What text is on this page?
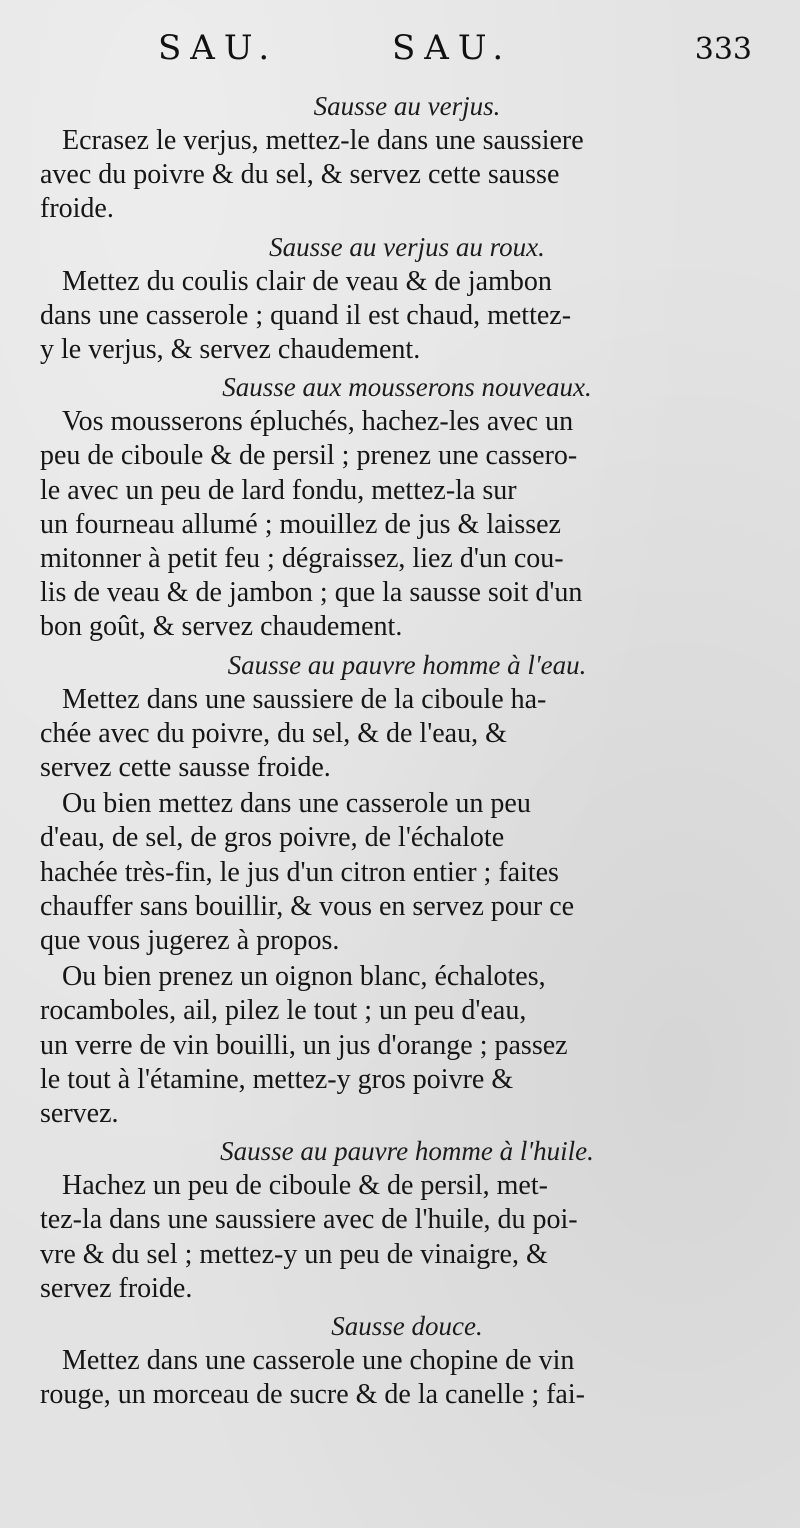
SAU.	SAU.	333

Sausse au verjus.

Ecrasez le verjus, mettez-le dans une saussiere
avec du poivre & du sel, & servez cette sausse
froide.

Sausse au verjus au roux.

Mettez du coulis clair de veau & de jambon
dans une casserole ; quand il est chaud, mettez-
y le verjus, & servez chaudement.

Sausse aux mousserons nouveaux.

Vos mousserons épluchés, hachez-les avec un
peu de ciboule & de persil ; prenez une cassero-
le avec un peu de lard fondu, mettez-la sur
un fourneau allumé ; mouillez de jus & laissez
mitonner à petit feu ; dégraissez, liez d'un cou-
lis de veau & de jambon ; que la sausse soit d'un
bon goût, & servez chaudement.

Sausse au pauvre homme à l'eau.

Mettez dans une saussiere de la ciboule ha-
chée avec du poivre, du sel, & de l'eau, &
servez cette sausse froide.

Ou bien mettez dans une casserole un peu
d'eau, de sel, de gros poivre, de l'échalote
hachée très-fin, le jus d'un citron entier ; faites
chauffer sans bouillir, & vous en servez pour ce
que vous jugerez à propos.

Ou bien prenez un oignon blanc, échalotes,
rocamboles, ail, pilez le tout ; un peu d'eau,
un verre de vin bouilli, un jus d'orange ; passez
le tout à l'étamine, mettez-y gros poivre &
servez.

Sausse au pauvre homme à l'huile.

Hachez un peu de ciboule & de persil, met-
tez-la dans une saussiere avec de l'huile, du poi-
vre & du sel ; mettez-y un peu de vinaigre, &
servez froide.

Sausse douce.

Mettez dans une casserole une chopine de vin
rouge, un morceau de sucre & de la canelle ; fai-
